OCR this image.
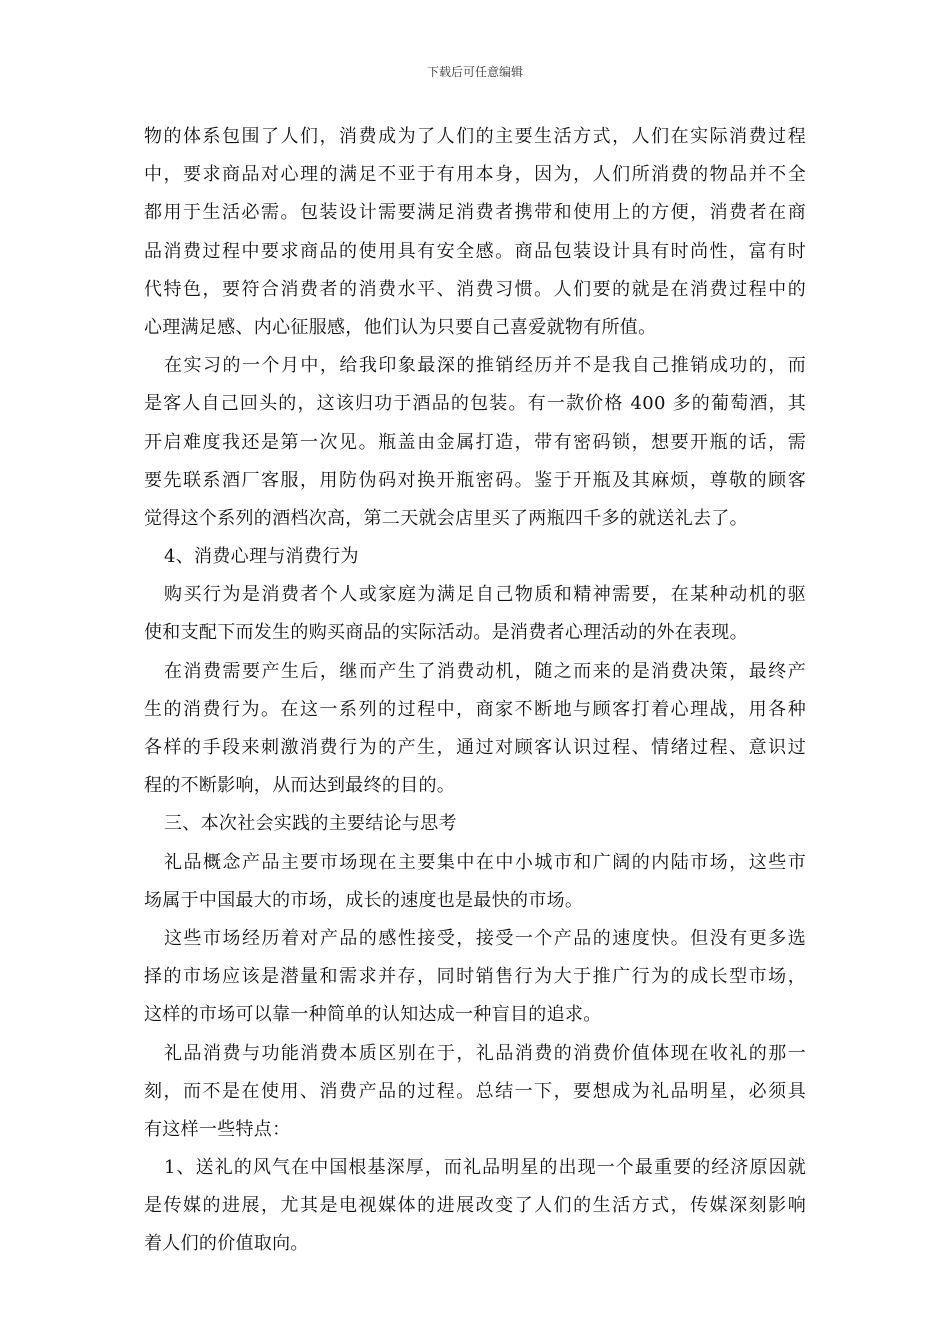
下载后可任意编辑
物的体系包围了人们，消费成为了人们的主要生活方式，人们在实际消费过程
中，要求商品对心理的满足不亚于有用本身，因为，人们所消费的物品并不全
都用于生活必需。包装设计需要满足消费者携带和使用上的方便，消费者在商
品消费过程中要求商品的使用具有安全感。商品包装设计具有时尚性，富有时
代特色，要符合消费者的消费水平、消费习惯。人们要的就是在消费过程中的
心理满足感、内心征服感，他们认为只要自己喜爱就物有所值。
在实习的一个月中，给我印象最深的推销经历并不是我自己推销成功的，而
是客人自己回头的，这该归功于酒品的包装。有一款价格 400 多的葡萄酒，其
开启难度我还是第一次见。瓶盖由金属打造，带有密码锁，想要开瓶的话，需
要先联系酒厂客服，用防伪码对换开瓶密码。鉴于开瓶及其麻烦，尊敬的顾客
觉得这个系列的酒档次高，第二天就会店里买了两瓶四千多的就送礼去了。
4、消费心理与消费行为
购买行为是消费者个人或家庭为满足自己物质和精神需要，在某种动机的驱
使和支配下而发生的购买商品的实际活动。是消费者心理活动的外在表现。
在消费需要产生后，继而产生了消费动机，随之而来的是消费决策，最终产
生的消费行为。在这一系列的过程中，商家不断地与顾客打着心理战，用各种
各样的手段来刺激消费行为的产生，通过对顾客认识过程、情绪过程、意识过
程的不断影响，从而达到最终的目的。
三、本次社会实践的主要结论与思考
礼品概念产品主要市场现在主要集中在中小城市和广阔的内陆市场，这些市
场属于中国最大的市场，成长的速度也是最快的市场。
这些市场经历着对产品的感性接受，接受一个产品的速度快。但没有更多选
择的市场应该是潜量和需求并存，同时销售行为大于推广行为的成长型市场，
这样的市场可以靠一种简单的认知达成一种盲目的追求。
礼品消费与功能消费本质区别在于，礼品消费的消费价值体现在收礼的那一
刻，而不是在使用、消费产品的过程。总结一下，要想成为礼品明星，必须具
有这样一些特点：
1、送礼的风气在中国根基深厚，而礼品明星的出现一个最重要的经济原因就
是传媒的进展，尤其是电视媒体的进展改变了人们的生活方式，传媒深刻影响
着人们的价值取向。
